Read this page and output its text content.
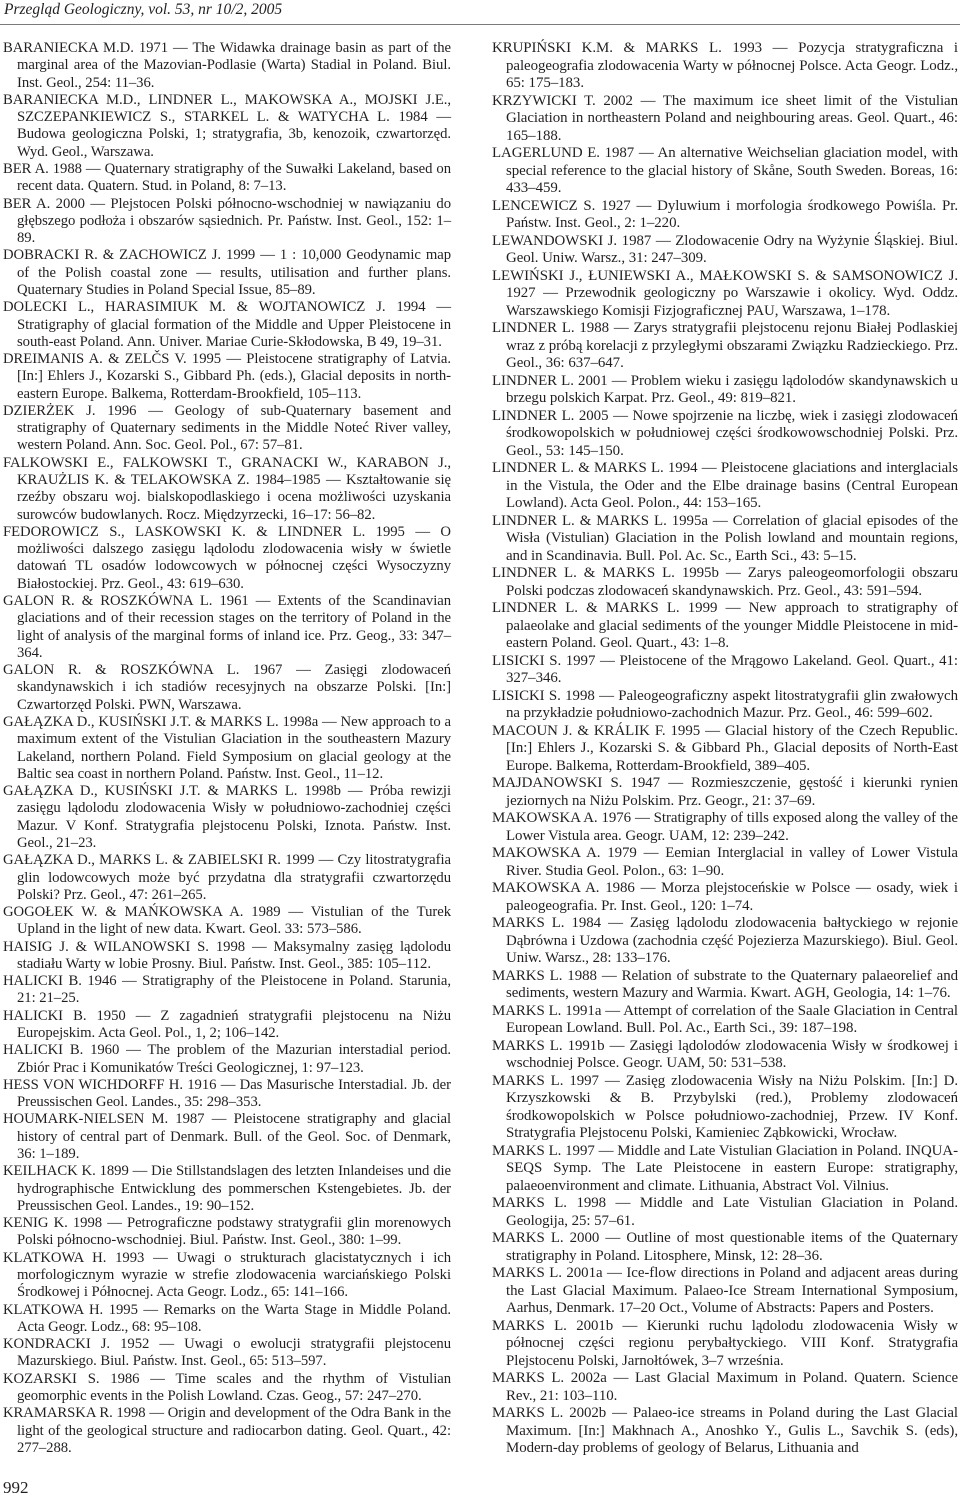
Przegląd Geologiczny, vol. 53, nr 10/2, 2005

BARANIECKA M.D. 1971 — The Widawka drainage basin as part of the marginal area of the Mazovian-Podlasie (Warta) Stadial in Poland. Biul. Inst. Geol., 254: 11–36.

BARANIECKA M.D., LINDNER L., MAKOWSKA A., MOJSKI J.E., SZCZEPANKIEWICZ S., STARKEL L. & WATYCHA L. 1984 — Budowa geologiczna Polski, 1; stratygrafia, 3b, kenozoik, czwartorzęd. Wyd. Geol., Warszawa.

BER A. 1988 — Quaternary stratigraphy of the Suwałki Lakeland, based on recent data. Quatern. Stud. in Poland, 8: 7–13.

BER A. 2000 — Plejstocen Polski północno-wschodniej w nawiązaniu do głębszego podłoża i obszarów sąsiednich. Pr. Państw. Inst. Geol., 152: 1–89.

DOBRACKI R. & ZACHOWICZ J. 1999 — 1 : 10,000 Geodynamic map of the Polish coastal zone — results, utilisation and further plans. Quaternary Studies in Poland Special Issue, 85–89.

DOLECKI L., HARASIMIUK M. & WOJTANOWICZ J. 1994 — Stratigraphy of glacial formation of the Middle and Upper Pleistocene in south-east Poland. Ann. Univer. Mariae Curie-Skłodowska, B 49, 19–31.

DREIMANIS A. & ZELČS V. 1995 — Pleistocene stratigraphy of Latvia. [In:] Ehlers J., Kozarski S., Gibbard Ph. (eds.), Glacial deposits in north-eastern Europe. Balkema, Rotterdam-Brookfield, 105–113.

DZIERŻEK J. 1996 — Geology of sub-Quaternary basement and stratigraphy of Quaternary sediments in the Middle Noteć River valley, western Poland. Ann. Soc. Geol. Pol., 67: 57–81.

FALKOWSKI E., FALKOWSKI T., GRANACKI W., KARABON J., KRAUŻLIS K. & TELAKOWSKA Z. 1984–1985 — Kształtowanie się rzeźby obszaru woj. bialskopodlaskiego i ocena możliwości uzyskania surowców budowlanych. Rocz. Międzyrzecki, 16–17: 56–82.

FEDOROWICZ S., LASKOWSKI K. & LINDNER L. 1995 — O możliwości dalszego zasięgu lądolodu zlodowacenia wisły w świetle datowań TL osadów lodowcowych w północnej części Wysoczyzny Białostockiej. Prz. Geol., 43: 619–630.

GALON R. & ROSZKÓWNA L. 1961 — Extents of the Scandinavian glaciations and of their recession stages on the territory of Poland in the light of analysis of the marginal forms of inland ice. Prz. Geog., 33: 347–364.

GALON R. & ROSZKÓWNA L. 1967 — Zasięgi zlodowaceń skandynawskich i ich stadiów recesyjnych na obszarze Polski. [In:] Czwartorzęd Polski. PWN, Warszawa.

GAŁĄZKA D., KUSIŃSKI J.T. & MARKS L. 1998a — New approach to a maximum extent of the Vistulian Glaciation in the southeastern Mazury Lakeland, northern Poland. Field Symposium on glacial geology at the Baltic sea coast in northern Poland. Państw. Inst. Geol., 11–12.

GAŁĄZKA D., KUSIŃSKI J.T. & MARKS L. 1998b — Próba rewizji zasięgu lądolodu zlodowacenia Wisły w południowo-zachodniej części Mazur. V Konf. Stratygrafia plejstocenu Polski, Iznota. Państw. Inst. Geol., 21–23.

GAŁĄZKA D., MARKS L. & ZABIELSKI R. 1999 — Czy litostratygrafia glin lodowcowych może być przydatna dla stratygrafii czwartorzędu Polski? Prz. Geol., 47: 261–265.

GOGOŁEK W. & MAŃKOWSKA A. 1989 — Vistulian of the Turek Upland in the light of new data. Kwart. Geol. 33: 573–586.

HAISIG J. & WILANOWSKI S. 1998 — Maksymalny zasięg lądolodu stadiału Warty w lobie Prosny. Biul. Państw. Inst. Geol., 385: 105–112.

HALICKI B. 1946 — Stratigraphy of the Pleistocene in Poland. Starunia, 21: 21–25.

HALICKI B. 1950 — Z zagadnień stratygrafii plejstocenu na Niżu Europejskim. Acta Geol. Pol., 1, 2; 106–142.

HALICKI B. 1960 — The problem of the Mazurian interstadial period. Zbiór Prac i Komunikatów Treści Geologicznej, 1: 97–123.

HESS VON WICHDORFF H. 1916 — Das Masurische Interstadial. Jb. der Preussischen Geol. Landes., 35: 298–353.

HOUMARK-NIELSEN M. 1987 — Pleistocene stratigraphy and glacial history of central part of Denmark. Bull. of the Geol. Soc. of Denmark, 36: 1–189.

KEILHACK K. 1899 — Die Stillstandslagen des letzten Inlandeises und die hydrographische Entwicklung des pommerschen Kstengebietes. Jb. der Preussischen Geol. Landes., 19: 90–152.

KENIG K. 1998 — Petrograficzne podstawy stratygrafii glin morenowych Polski północno-wschodniej. Biul. Państw. Inst. Geol., 380: 1–99.

KLATKOWA H. 1993 — Uwagi o strukturach glacistatycznych i ich morfologicznym wyrazie w strefie zlodowacenia warciańskiego Polski Środkowej i Północnej. Acta Geogr. Lodz., 65: 141–166.

KLATKOWA H. 1995 — Remarks on the Warta Stage in Middle Poland. Acta Geogr. Lodz., 68: 95–108.

KONDRACKI J. 1952 — Uwagi o ewolucji stratygrafii plejstocenu Mazurskiego. Biul. Państw. Inst. Geol., 65: 513–597.

KOZARSKI S. 1986 — Time scales and the rhythm of Vistulian geomorphic events in the Polish Lowland. Czas. Geog., 57: 247–270.

KRAMARSKA R. 1998 — Origin and development of the Odra Bank in the light of the geological structure and radiocarbon dating. Geol. Quart., 42: 277–288.

KRUPIŃSKI K.M. & MARKS L. 1993 — Pozycja stratygraficzna i paleogeografia zlodowacenia Warty w północnej Polsce. Acta Geogr. Lodz., 65: 175–183.

KRZYWICKI T. 2002 — The maximum ice sheet limit of the Vistulian Glaciation in northeastern Poland and neighbouring areas. Geol. Quart., 46: 165–188.

LAGERLUND E. 1987 — An alternative Weichselian glaciation model, with special reference to the glacial history of Skåne, South Sweden. Boreas, 16: 433–459.

LENCEWICZ S. 1927 — Dyluwium i morfologia środkowego Powiśla. Pr. Państw. Inst. Geol., 2: 1–220.

LEWANDOWSKI J. 1987 — Zlodowacenie Odry na Wyżynie Śląskiej. Biul. Geol. Uniw. Warsz., 31: 247–309.

LEWIŃSKI J., ŁUNIEWSKI A., MAŁKOWSKI S. & SAMSONOWICZ J. 1927 — Przewodnik geologiczny po Warszawie i okolicy. Wyd. Oddz. Warszawskiego Komisji Fizjograficznej PAU, Warszawa, 1–178.

LINDNER L. 1988 — Zarys stratygrafii plejstocenu rejonu Białej Podlaskiej wraz z próbą korelacji z przyległymi obszarami Związku Radzieckiego. Prz. Geol., 36: 637–647.

LINDNER L. 2001 — Problem wieku i zasięgu lądolodów skandynawskich u brzegu polskich Karpat. Prz. Geol., 49: 819–821.

LINDNER L. 2005 — Nowe spojrzenie na liczbę, wiek i zasięgi zlodowaceń środkowopolskich w południowej części środkowowschodniej Polski. Prz. Geol., 53: 145–150.

LINDNER L. & MARKS L. 1994 — Pleistocene glaciations and interglacials in the Vistula, the Oder and the Elbe drainage basins (Central European Lowland). Acta Geol. Polon., 44: 153–165.

LINDNER L. & MARKS L. 1995a — Correlation of glacial episodes of the Wisła (Vistulian) Glaciation in the Polish lowland and mountain regions, and in Scandinavia. Bull. Pol. Ac. Sc., Earth Sci., 43: 5–15.

LINDNER L. & MARKS L. 1995b — Zarys paleogeomorfologii obszaru Polski podczas zlodowaceń skandynawskich. Prz. Geol., 43: 591–594.

LINDNER L. & MARKS L. 1999 — New approach to stratigraphy of palaeolake and glacial sediments of the younger Middle Pleistocene in mid-eastern Poland. Geol. Quart., 43: 1–8.

LISICKI S. 1997 — Pleistocene of the Mrągowo Lakeland. Geol. Quart., 41: 327–346.

LISICKI S. 1998 — Paleogeograficzny aspekt litostratygrafii glin zwałowych na przykładzie południowo-zachodnich Mazur. Prz. Geol., 46: 599–602.

MACOUN J. & KRÁLIK F. 1995 — Glacial history of the Czech Republic. [In:] Ehlers J., Kozarski S. & Gibbard Ph., Glacial deposits of North-East Europe. Balkema, Rotterdam-Brookfield, 389–405.

MAJDANOWSKI S. 1947 — Rozmieszczenie, gęstość i kierunki rynien jeziornych na Niżu Polskim. Prz. Geogr., 21: 37–69.

MAKOWSKA A. 1976 — Stratigraphy of tills exposed along the valley of the Lower Vistula area. Geogr. UAM, 12: 239–242.

MAKOWSKA A. 1979 — Eemian Interglacial in valley of Lower Vistula River. Studia Geol. Polon., 63: 1–90.

MAKOWSKA A. 1986 — Morza plejstoceńskie w Polsce — osady, wiek i paleogeografia. Pr. Inst. Geol., 120: 1–74.

MARKS L. 1984 — Zasięg lądolodu zlodowacenia bałtyckiego w rejonie Dąbrówna i Uzdowa (zachodnia część Pojezierza Mazurskiego). Biul. Geol. Uniw. Warsz., 28: 133–176.

MARKS L. 1988 — Relation of substrate to the Quaternary palaeorelief and sediments, western Mazury and Warmia. Kwart. AGH, Geologia, 14: 1–76.

MARKS L. 1991a — Attempt of correlation of the Saale Glaciation in Central European Lowland. Bull. Pol. Ac., Earth Sci., 39: 187–198.

MARKS L. 1991b — Zasięgi lądolodów zlodowacenia Wisły w środkowej i wschodniej Polsce. Geogr. UAM, 50: 531–538.

MARKS L. 1997 — Zasięg zlodowacenia Wisły na Niżu Polskim. [In:] D. Krzyszkowski & B. Przybylski (red.), Problemy zlodowaceń środkowopolskich w Polsce południowo-zachodniej, Przew. IV Konf. Stratygrafia Plejstocenu Polski, Kamieniec Ząbkowicki, Wrocław.

MARKS L. 1997 — Middle and Late Vistulian Glaciation in Poland. INQUA-SEQS Symp. The Late Pleistocene in eastern Europe: stratigraphy, palaeoenvironment and climate. Lithuania, Abstract Vol. Vilnius.

MARKS L. 1998 — Middle and Late Vistulian Glaciation in Poland. Geologija, 25: 57–61.

MARKS L. 2000 — Outline of most questionable items of the Quaternary stratigraphy in Poland. Litosphere, Minsk, 12: 28–36.

MARKS L. 2001a — Ice-flow directions in Poland and adjacent areas during the Last Glacial Maximum. Palaeo-Ice Stream International Symposium, Aarhus, Denmark. 17–20 Oct., Volume of Abstracts: Papers and Posters.

MARKS L. 2001b — Kierunki ruchu lądolodu zlodowacenia Wisły w północnej części regionu perybałtyckiego. VIII Konf. Stratygrafia Plejstocenu Polski, Jarnołtówek, 3–7 września.

MARKS L. 2002a — Last Glacial Maximum in Poland. Quatern. Science Rev., 21: 103–110.

MARKS L. 2002b — Palaeo-ice streams in Poland during the Last Glacial Maximum. [In:] Makhnach A., Anoshko Y., Gulis L., Savchik S. (eds), Modern-day problems of geology of Belarus, Lithuania and

992
